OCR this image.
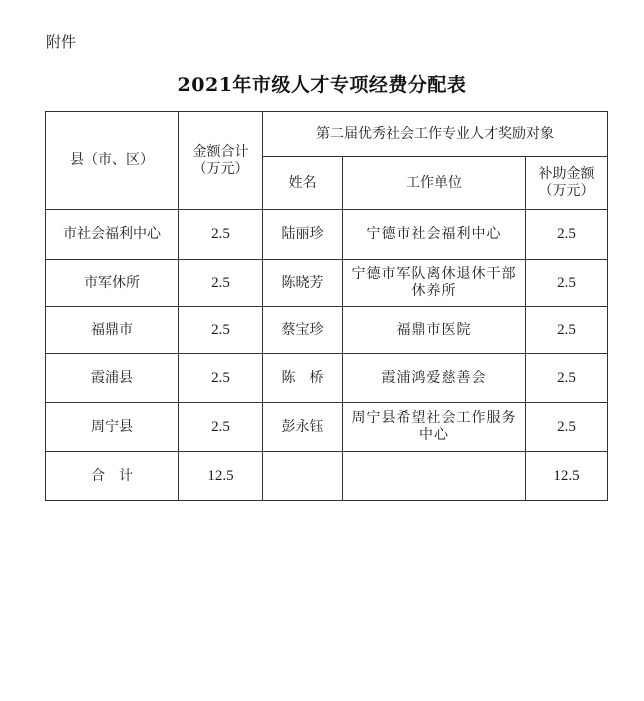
附件
2021年市级人才专项经费分配表
县（市、区）	金额合计（万元）	第二届优秀社会工作专业人才奖励对象		
		姓名	工作单位	补助金额（万元）
市社会福利中心	2.5	陆丽珍	宁德市社会福利中心	2.5
市军休所	2.5	陈晓芳	宁德市军队离休退休干部休养所	2.5
福鼎市	2.5	蔡宝珍	福鼎市医院	2.5
霞浦县	2.5	陈　桥	霞浦鸿爱慈善会	2.5
周宁县	2.5	彭永钰	周宁县希望社会工作服务中心	2.5
合　计	12.5			12.5
